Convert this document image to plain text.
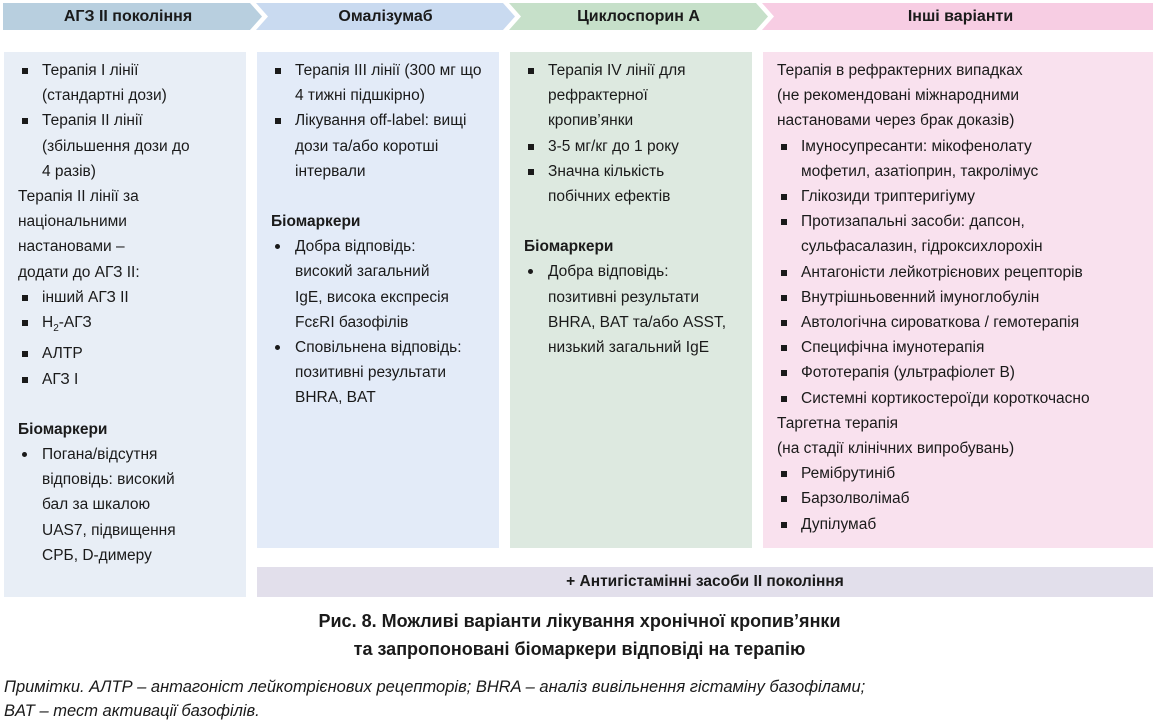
АГЗ II покоління	Омалізумаб	Циклоспорин А	Інші варіанти
Терапія I лінії (стандартні дози)
Терапія II лінії (збільшення дози до 4 разів)
Терапія II лінії за національними настановами – додати до АГЗ II:
інший АГЗ II
$H_2$-АГЗ
АЛТР
АГЗ I
Біомаркери
Погана/відсутня відповідь: високий бал за шкалою UAS7, підвищення СРБ, D-димеру
Терапія III лінії (300 мг що 4 тижні підшкірно)
Лікування off-label: вищі дози та/або коротші інтервали
Біомаркери
Добра відповідь: високий загальний IgE, висока експресія FcεRI базофілів
Сповільнена відповідь: позитивні результати BHRA, BAT
Терапія IV лінії для рефрактерної кропив’янки
3-5 мг/кг до 1 року
Значна кількість побічних ефектів
Біомаркери
Добра відповідь: позитивні результати BHRA, BAT та/або ASST, низький загальний IgE
Терапія в рефрактерних випадках
(не рекомендовані міжнародними
настановами через брак доказів)
Імуносупресанти: мікофенолату мофетил, азатіоприн, такролімус
Глікозиди триптеригіуму
Протизапальні засоби: дапсон, сульфасалазин, гідроксихлорохін
Антагоністи лейкотрієнових рецепторів
Внутрішньовенний імуноглобулін
Автологічна сироваткова / гемотерапія
Специфічна імунотерапія
Фототерапія (ультрафіолет B)
Системні кортикостероїди короткочасно
Таргетна терапія
(на стадії клінічних випробувань)
Ремібрутиніб
Барзолволімаб
Дупілумаб
+ Антигістамінні засоби II покоління
Рис. 8. Можливі варіанти лікування хронічної кропив’янки
та запропоновані біомаркери відповіді на терапію
Примітки. АЛТР – антагоніст лейкотрієнових рецепторів; BHRA – аналіз вивільнення гістаміну базофілами;
BAT – тест активації базофілів.
